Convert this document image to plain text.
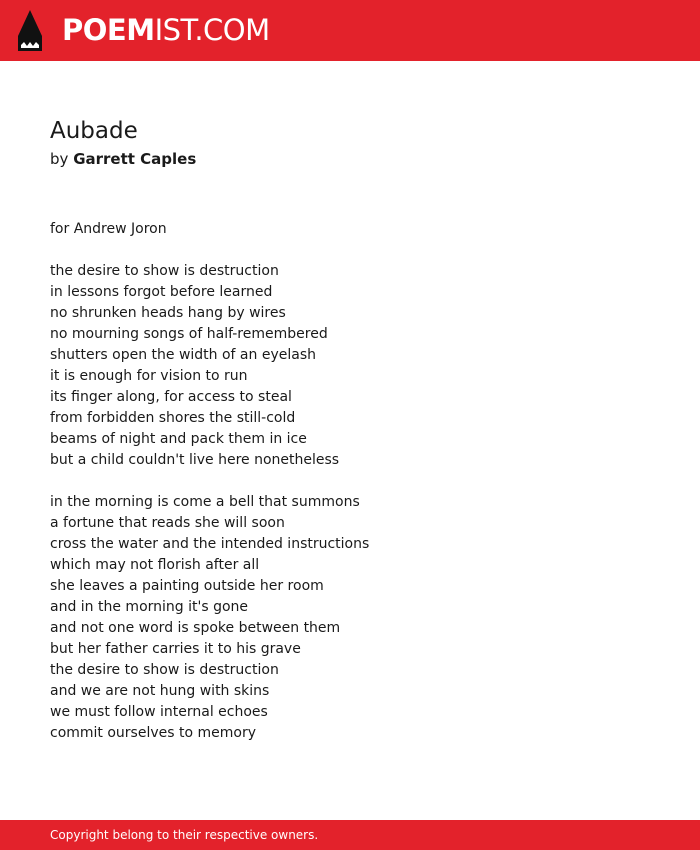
POEMIST.COM
Aubade
by Garrett Caples
for Andrew Joron
the desire to show is destruction
in lessons forgot before learned
no shrunken heads hang by wires
no mourning songs of half-remembered
shutters open the width of an eyelash
it is enough for vision to run
its finger along, for access to steal
from forbidden shores the still-cold
beams of night and pack them in ice
but a child couldn't live here nonetheless
in the morning is come a bell that summons
a fortune that reads she will soon
cross the water and the intended instructions
which may not florish after all
she leaves a painting outside her room
and in the morning it's gone
and not one word is spoke between them
but her father carries it to his grave
the desire to show is destruction
and we are not hung with skins
we must follow internal echoes
commit ourselves to memory
Copyright belong to their respective owners.
